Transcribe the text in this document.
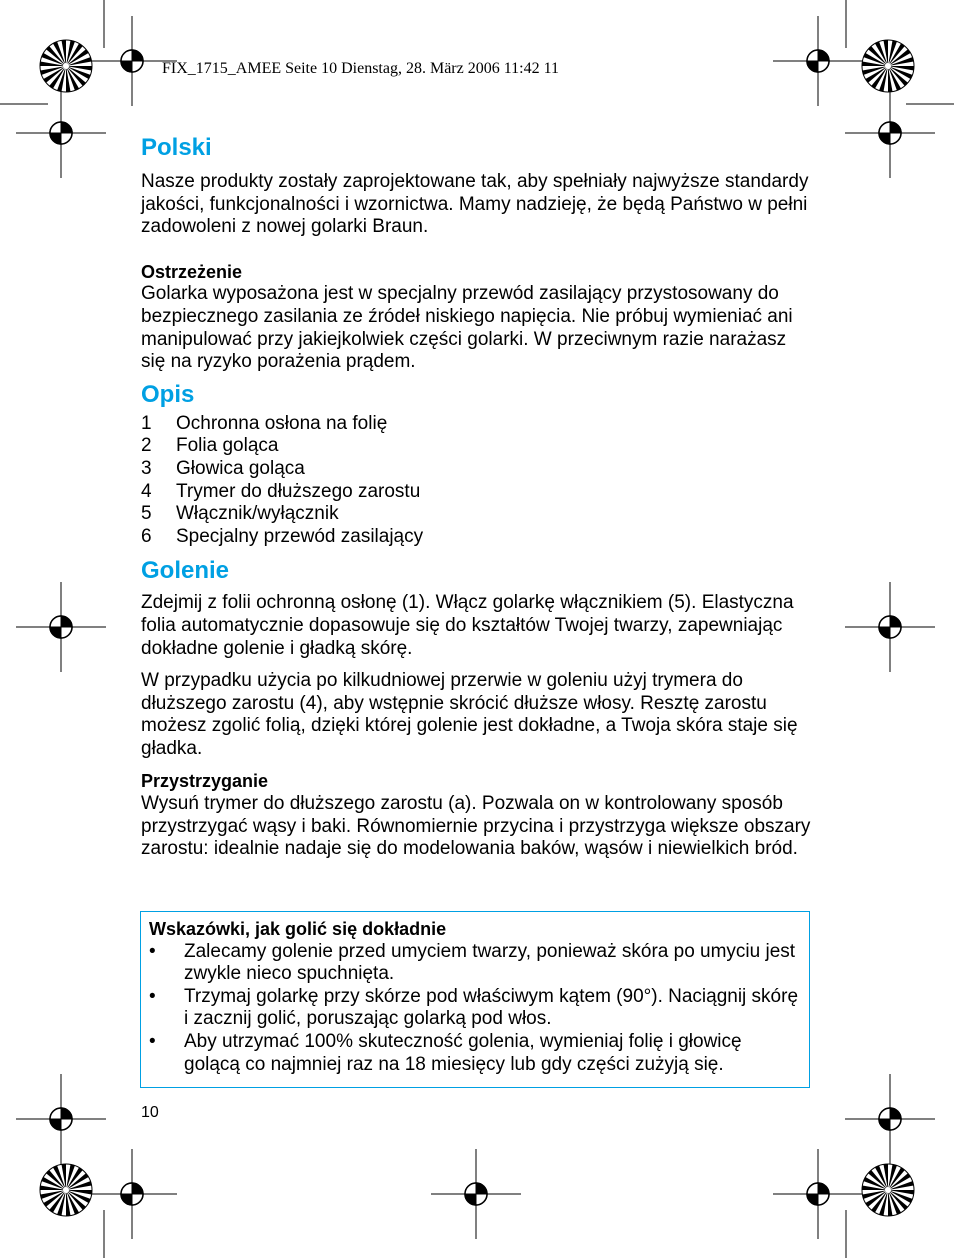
FIX_1715_AMEE Seite 10 Dienstag, 28. März 2006 11:42 11
Polski

Nasze produkty zostały zaprojektowane tak, aby spełniały najwyższe standardy jakości, funkcjonalności i wzornictwa. Mamy nadzieję, że będą Państwo w pełni zadowoleni z nowej golarki Braun.

Ostrzeżenie

Golarka wyposażona jest w specjalny przewód zasilający przystosowany do bezpiecznego zasilania ze źródeł niskiego napięcia. Nie próbuj wymieniać ani manipulować przy jakiejkolwiek części golarki. W przeciwnym razie narażasz się na ryzyko porażenia prądem.

Opis
1	Ochronna osłona na folię
2	Folia goląca
3	Głowica goląca
4	Trymer do dłuższego zarostu
5	Włącznik/wyłącznik
6	Specjalny przewód zasilający
Golenie

Zdejmij z folii ochronną osłonę (1). Włącz golarkę włącznikiem (5). Elastyczna folia automatycznie dopasowuje się do kształtów Twojej twarzy, zapewniając dokładne golenie i gładką skórę.

W przypadku użycia po kilkudniowej przerwie w goleniu użyj trymera do dłuższego zarostu (4), aby wstępnie skrócić dłuższe włosy. Resztę zarostu możesz zgolić folią, dzięki której golenie jest dokładne, a Twoja skóra staje się gładka.

Przystrzyganie

Wysuń trymer do dłuższego zarostu (a). Pozwala on w kontrolowany sposób przystrzygać wąsy i baki. Równomiernie przycina i przystrzyga większe obszary zarostu: idealnie nadaje się do modelowania baków, wąsów i niewielkich bród.

Wskazówki, jak golić się dokładnie

•	Zalecamy golenie przed umyciem twarzy, ponieważ skóra po umyciu jest zwykle nieco spuchnięta.
•	Trzymaj golarkę przy skórze pod właściwym kątem (90°). Naciągnij skórę i zacznij golić, poruszając golarką pod włos.
•	Aby utrzymać 100% skuteczność golenia, wymieniaj folię i głowicę golącą co najmniej raz na 18 miesięcy lub gdy części zużyją się.
10
